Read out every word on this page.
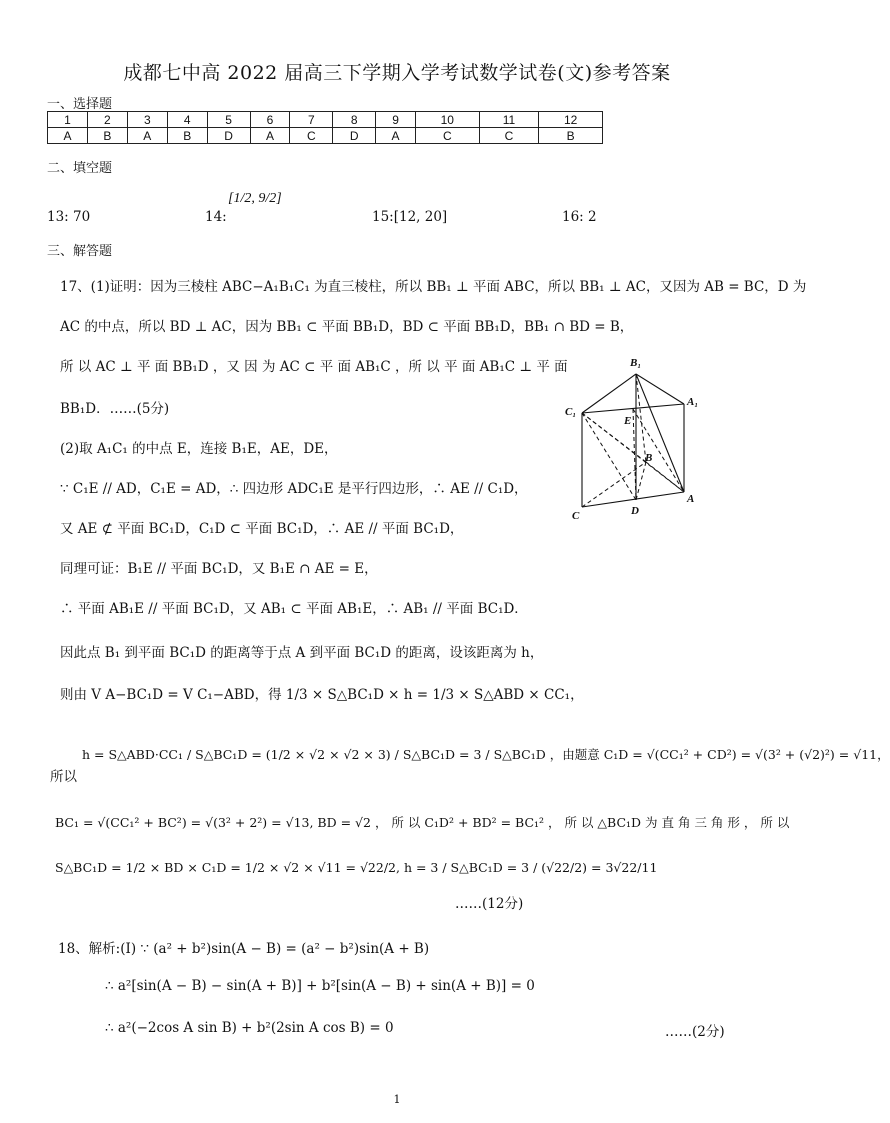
成都七中高 2022 届高三下学期入学考试数学试卷(文)参考答案
一、选择题
1	2	3	4	5	6	7	8	9	10	11	12
A	B	A	B	D	A	C	D	A	C	C	B
二、填空题
13: 70	14:
[1/2, 9/2]
15:[12, 20]	16: 2
三、解答题
17、(1)证明：因为三棱柱 ABC−A₁B₁C₁ 为直三棱柱，所以 BB₁ ⊥ 平面 ABC，所以 BB₁ ⊥ AC，又因为 AB = BC，D 为
AC 的中点，所以 BD ⊥ AC，因为 BB₁ ⊂ 平面 BB₁D，BD ⊂ 平面 BB₁D，BB₁ ∩ BD = B，
所 以 AC ⊥ 平 面 BB₁D ，又 因 为 AC ⊂ 平 面 AB₁C ，所 以 平 面 AB₁C ⊥ 平 面
BB₁D．……(5分)
(2)取 A₁C₁ 的中点 E，连接 B₁E，AE，DE，
∵ C₁E // AD，C₁E = AD，∴ 四边形 ADC₁E 是平行四边形，∴ AE // C₁D，
又 AE ⊄ 平面 BC₁D，C₁D ⊂ 平面 BC₁D，∴ AE // 平面 BC₁D，
同理可证：B₁E // 平面 BC₁D，又 B₁E ∩ AE = E，
∴ 平面 AB₁E // 平面 BC₁D，又 AB₁ ⊂ 平面 AB₁E，∴ AB₁ // 平面 BC₁D．
因此点 B₁ 到平面 BC₁D 的距离等于点 A 到平面 BC₁D 的距离，设该距离为 h，
则由 V A−BC₁D = V C₁−ABD，得 1/3 × S△BC₁D × h = 1/3 × S△ABD × CC₁，
所以
h = S△ABD·CC₁ / S△BC₁D = (1/2 × √2 × √2 × 3) / S△BC₁D = 3 / S△BC₁D ，由题意 C₁D = √(CC₁² + CD²) = √(3² + (√2)²) = √11，
BC₁ = √(CC₁² + BC²) = √(3² + 2²) = √13, BD = √2 ， 所 以 C₁D² + BD² = BC₁² ， 所 以 △BC₁D 为 直 角 三 角 形 ， 所 以
S△BC₁D = 1/2 × BD × C₁D = 1/2 × √2 × √11 = √22/2, h = 3 / S△BC₁D = 3 / (√22/2) = 3√22/11
……(12分)
18、解析:(I) ∵ (a² + b²)sin(A − B) = (a² − b²)sin(A + B)
∴ a²[sin(A − B) − sin(A + B)] + b²[sin(A − B) + sin(A + B)] = 0
∴ a²(−2cos A sin B) + b²(2sin A cos B) = 0	……(2分)
B₁
A₁
C₁
E
B
C	D
A
1
